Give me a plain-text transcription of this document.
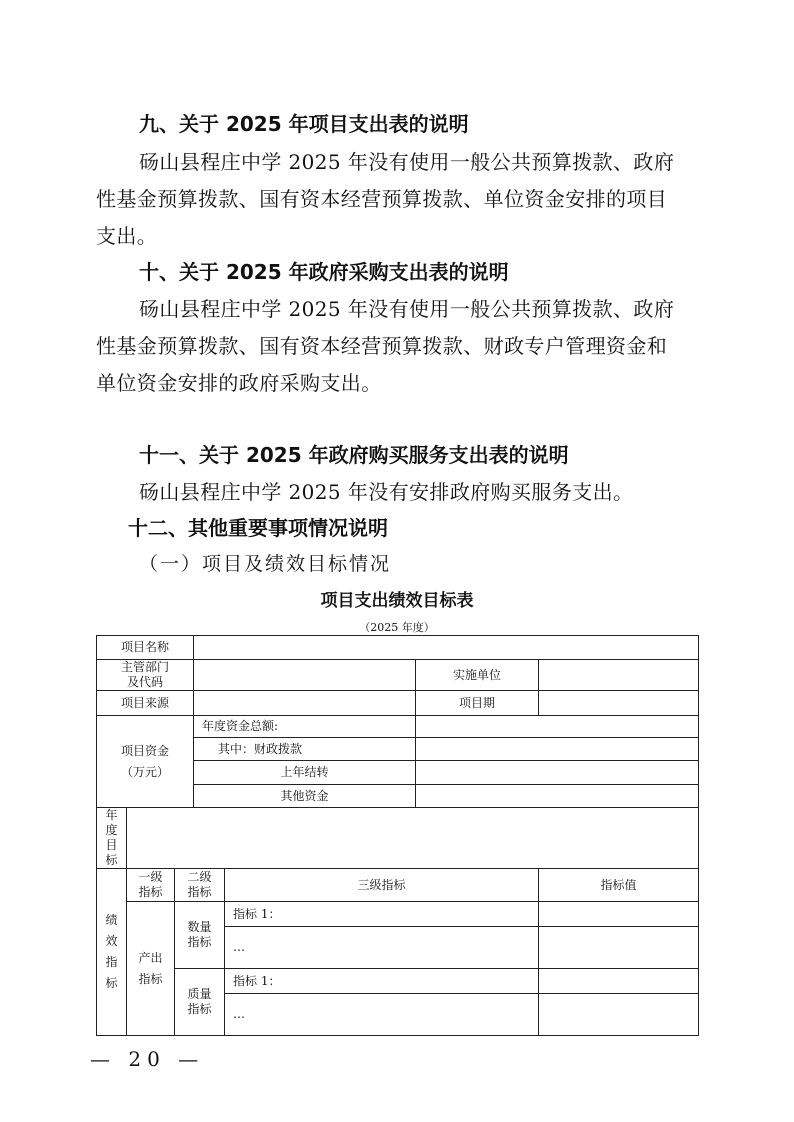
九、关于 2025 年项目支出表的说明
砀山县程庄中学 2025 年没有使用一般公共预算拨款、政府
性基金预算拨款、国有资本经营预算拨款、单位资金安排的项目
支出。
十、关于 2025 年政府采购支出表的说明
砀山县程庄中学 2025 年没有使用一般公共预算拨款、政府
性基金预算拨款、国有资本经营预算拨款、财政专户管理资金和
单位资金安排的政府采购支出。
十一、关于 2025 年政府购买服务支出表的说明
砀山县程庄中学 2025 年没有安排政府购买服务支出。
十二、其他重要事项情况说明
（一）项目及绩效目标情况
项目支出绩效目标表
（2025 年度）
项目名称						
主管部门及代码					实施单位	
项目来源					项目期	

项目资金
（万元）			年度资金总额:			
			其中：财政拨款			
			上年结转			
			其他资金			
年度目标						
绩效指标	一级指标	二级指标		三级指标		指标值
	产出指标	数量指标		指标 1：		
				…		
		质量指标		指标 1：		
				…		
— 20 —
